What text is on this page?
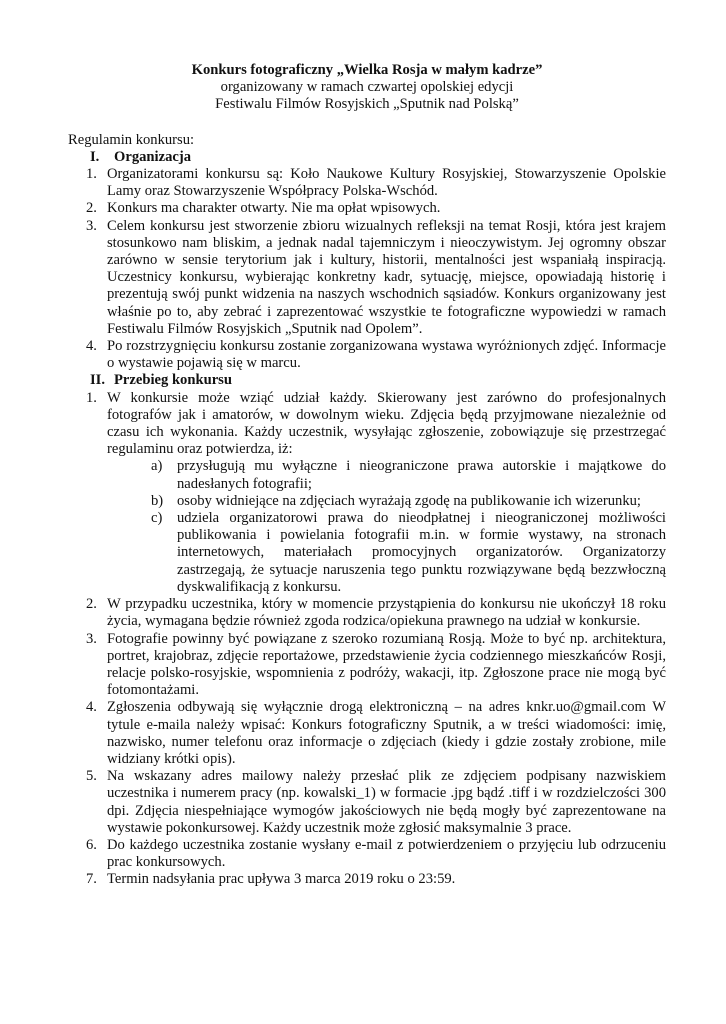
Konkurs fotograficzny „Wielka Rosja w małym kadrze”

organizowany w ramach czwartej opolskiej edycji

Festiwalu Filmów Rosyjskich „Sputnik nad Polską”

Regulamin konkursu:

I.	Organizacja
1. Organizatorami konkursu są: Koło Naukowe Kultury Rosyjskiej, Stowarzyszenie Opolskie Lamy oraz Stowarzyszenie Współpracy Polska-Wschód.

2. Konkurs ma charakter otwarty. Nie ma opłat wpisowych.

3. Celem konkursu jest stworzenie zbioru wizualnych refleksji na temat Rosji, która jest krajem stosunkowo nam bliskim, a jednak nadal tajemniczym i nieoczywistym. Jej ogromny obszar zarówno w sensie terytorium jak i kultury, historii, mentalności jest wspaniałą inspiracją. Uczestnicy konkursu, wybierając konkretny kadr, sytuację, miejsce, opowiadają historię i prezentują swój punkt widzenia na naszych wschodnich sąsiadów. Konkurs organizowany jest właśnie po to, aby zebrać i zaprezentować wszystkie te fotograficzne wypowiedzi w ramach Festiwalu Filmów Rosyjskich „Sputnik nad Opolem”.

4. Po rozstrzygnięciu konkursu zostanie zorganizowana wystawa wyróżnionych zdjęć. Informacje o wystawie pojawią się w marcu.

II. Przebieg konkursu
1. W konkursie może wziąć udział każdy. Skierowany jest zarówno do profesjonalnych fotografów jak i amatorów, w dowolnym wieku. Zdjęcia będą przyjmowane niezależnie od czasu ich wykonania. Każdy uczestnik, wysyłając zgłoszenie, zobowiązuje się przestrzegać regulaminu oraz potwierdza, iż:

a)	przysługują mu wyłączne i nieograniczone prawa autorskie i majątkowe do nadesłanych fotografii;
b) osoby widniejące na zdjęciach wyrażają zgodę na publikowanie ich wizerunku;
c)	udziela organizatorowi prawa do nieodpłatnej i nieograniczonej możliwości publikowania i powielania fotografii m.in. w formie wystawy, na stronach internetowych, materiałach promocyjnych organizatorów. Organizatorzy zastrzegają, że sytuacje naruszenia tego punktu rozwiązywane będą bezzwłoczną dyskwalifikacją z konkursu.
2. W przypadku uczestnika, który w momencie przystąpienia do konkursu nie ukończył 18 roku życia, wymagana będzie również zgoda rodzica/opiekuna prawnego na udział w konkursie.

3. Fotografie powinny być powiązane z szeroko rozumianą Rosją. Może to być np. architektura, portret, krajobraz, zdjęcie reportażowe, przedstawienie życia codziennego mieszkańców Rosji, relacje polsko-rosyjskie, wspomnienia z podróży, wakacji, itp. Zgłoszone prace nie mogą być fotomontażami.

4. Zgłoszenia odbywają się wyłącznie drogą elektroniczną – na adres knkr.uo@gmail.com W tytule e-maila należy wpisać: Konkurs fotograficzny Sputnik, a w treści wiadomości: imię, nazwisko, numer telefonu oraz informacje o zdjęciach (kiedy i gdzie zostały zrobione, mile widziany krótki opis).

5. Na wskazany adres mailowy należy przesłać plik ze zdjęciem podpisany nazwiskiem uczestnika i numerem pracy (np. kowalski_1) w formacie .jpg bądź .tiff i w rozdzielczości 300 dpi. Zdjęcia niespełniające wymogów jakościowych nie będą mogły być zaprezentowane na wystawie pokonkursowej. Każdy uczestnik może zgłosić maksymalnie 3 prace.

6. Do każdego uczestnika zostanie wysłany e-mail z potwierdzeniem o przyjęciu lub odrzuceniu prac konkursowych.

7. Termin nadsyłania prac upływa 3 marca 2019 roku o 23:59.
